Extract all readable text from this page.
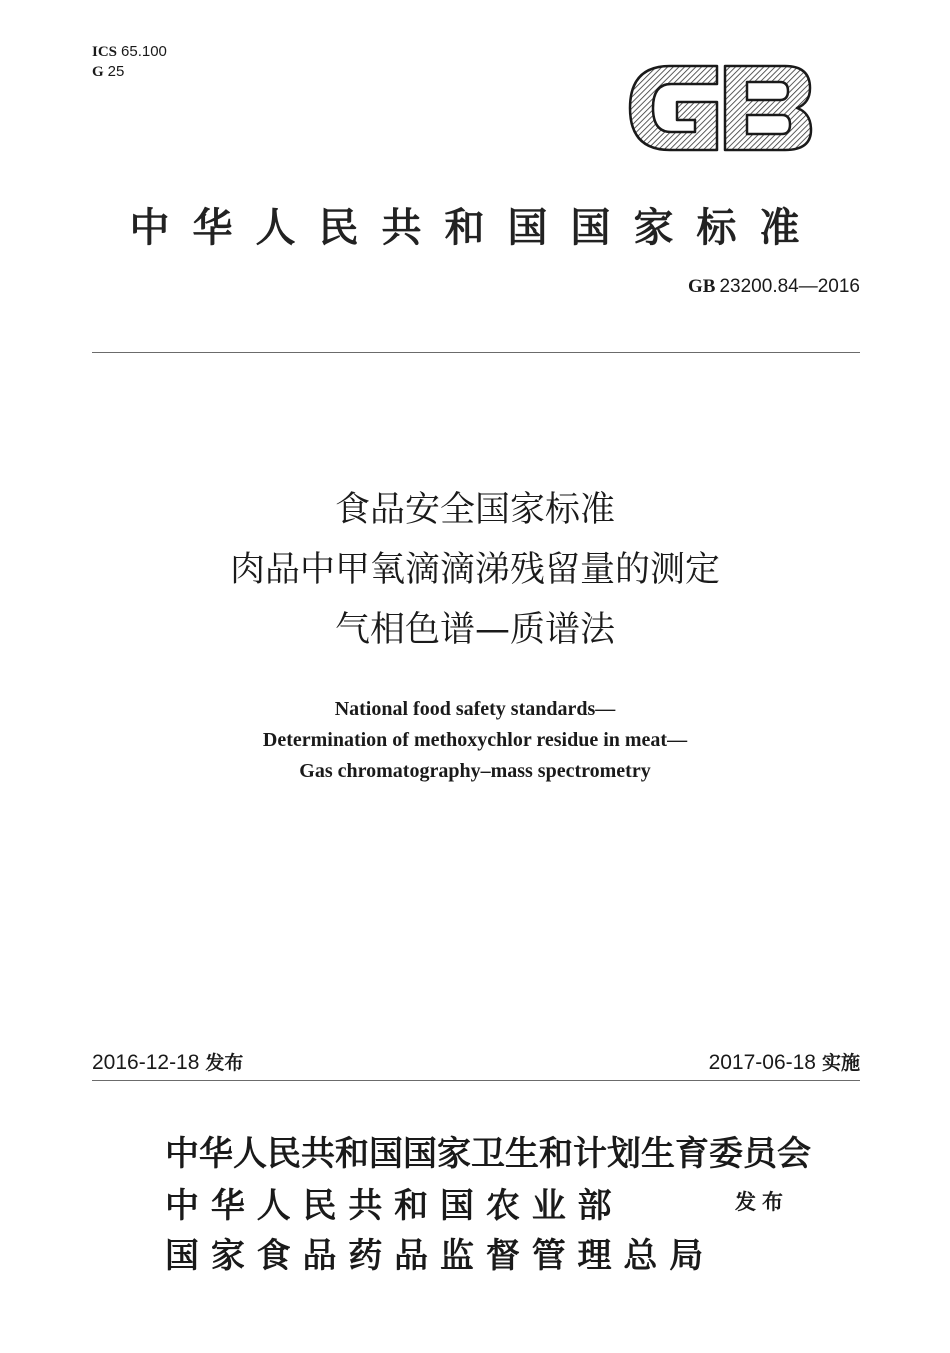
ICS 65.100
G 25
中华人民共和国国家标准
GB 23200.84—2016
食品安全国家标准
肉品中甲氧滴滴涕残留量的测定
气相色谱—质谱法
National food safety standards—
Determination of methoxychlor residue in meat—
Gas chromatography–mass spectrometry
2016-12-18 发布	2017-06-18 实施
中华人民共和国国家卫生和计划生育委员会
中 华 人 民 共 和 国 农 业 部
国 家 食 品 药 品 监 督 管 理 总 局
发布
